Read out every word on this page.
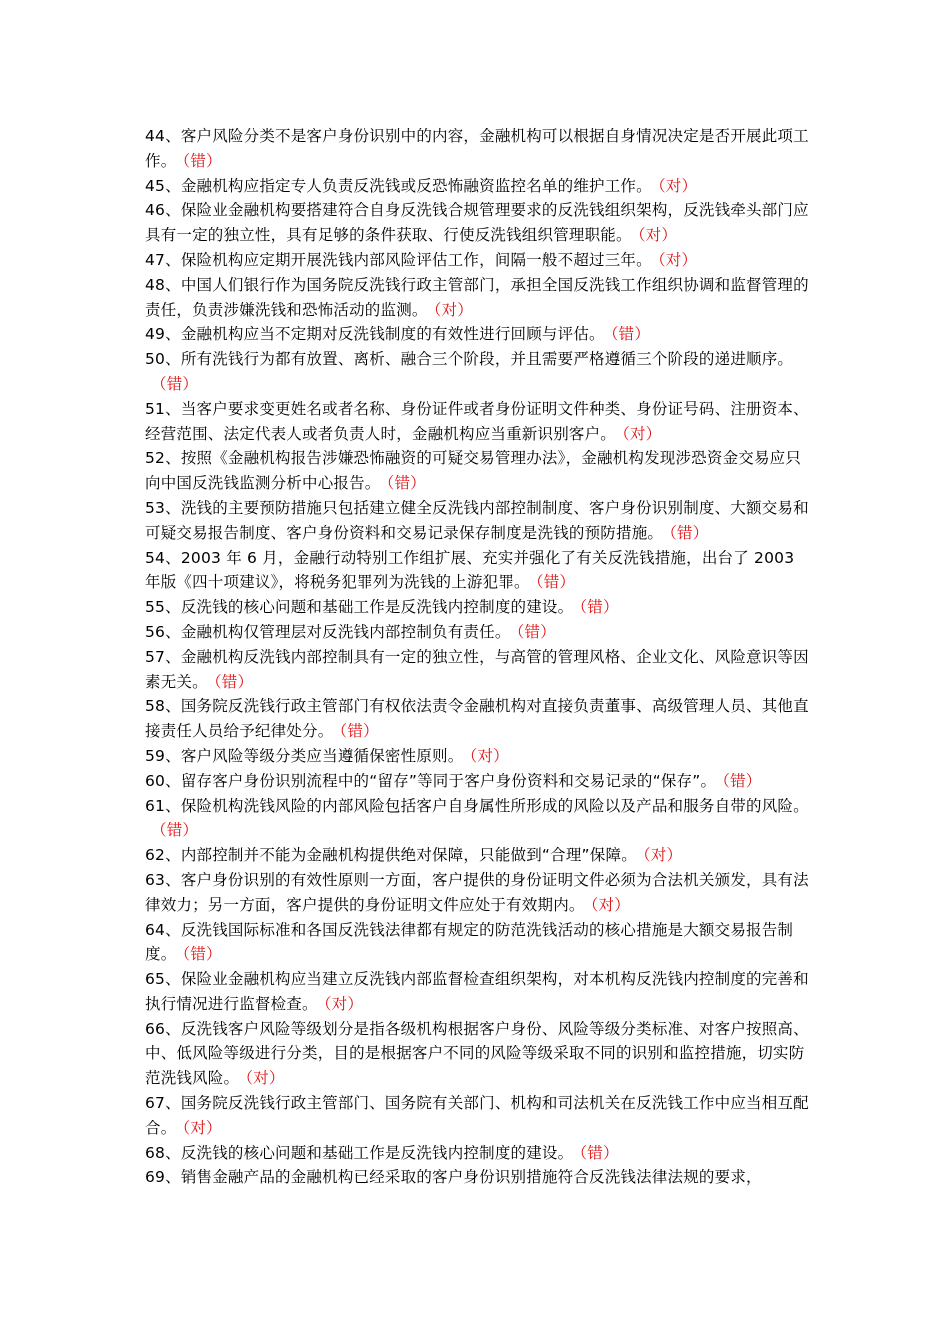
44、客户风险分类不是客户身份识别中的内容，金融机构可以根据自身情况决定是否开展此项工作。 （错）

45、金融机构应指定专人负责反洗钱或反恐怖融资监控名单的维护工作。 （对）

46、保险业金融机构要搭建符合自身反洗钱合规管理要求的反洗钱组织架构，反洗钱牵头部门应具有一定的独立性，具有足够的条件获取、行使反洗钱组织管理职能。 （对）

47、保险机构应定期开展洗钱内部风险评估工作，间隔一般不超过三年。 （对）

48、中国人们银行作为国务院反洗钱行政主管部门，承担全国反洗钱工作组织协调和监督管理的责任，负责涉嫌洗钱和恐怖活动的监测。 （对）

49、金融机构应当不定期对反洗钱制度的有效性进行回顾与评估。 （错）

50、所有洗钱行为都有放置、离析、融合三个阶段，并且需要严格遵循三个阶段的递进顺序。（错）

51、当客户要求变更姓名或者名称、身份证件或者身份证明文件种类、身份证号码、注册资本、经营范围、法定代表人或者负责人时，金融机构应当重新识别客户。 （对）

52、按照《金融机构报告涉嫌恐怖融资的可疑交易管理办法》，金融机构发现涉恐资金交易应只向中国反洗钱监测分析中心报告。 （错）

53、洗钱的主要预防措施只包括建立健全反洗钱内部控制制度、客户身份识别制度、大额交易和可疑交易报告制度、客户身份资料和交易记录保存制度是洗钱的预防措施。 （错）

54、2003 年 6 月，金融行动特别工作组扩展、充实并强化了有关反洗钱措施，出台了 2003 年版《四十项建议》，将税务犯罪列为洗钱的上游犯罪。 （错）

55、反洗钱的核心问题和基础工作是反洗钱内控制度的建设。 （错）

56、金融机构仅管理层对反洗钱内部控制负有责任。 （错）

57、金融机构反洗钱内部控制具有一定的独立性，与高管的管理风格、企业文化、风险意识等因素无关。 （错）

58、国务院反洗钱行政主管部门有权依法责令金融机构对直接负责董事、高级管理人员、其他直接责任人员给予纪律处分。 （错）

59、客户风险等级分类应当遵循保密性原则。 （对）

60、留存客户身份识别流程中的“留存”等同于客户身份资料和交易记录的“保存”。 （错）

61、保险机构洗钱风险的内部风险包括客户自身属性所形成的风险以及产品和服务自带的风险。（错）

62、内部控制并不能为金融机构提供绝对保障，只能做到“合理”保障。 （对）

63、客户身份识别的有效性原则一方面，客户提供的身份证明文件必须为合法机关颁发，具有法律效力；另一方面，客户提供的身份证明文件应处于有效期内。 （对）

64、反洗钱国际标准和各国反洗钱法律都有规定的防范洗钱活动的核心措施是大额交易报告制度。 （错）

65、保险业金融机构应当建立反洗钱内部监督检查组织架构，对本机构反洗钱内控制度的完善和执行情况进行监督检查。 （对）

66、反洗钱客户风险等级划分是指各级机构根据客户身份、风险等级分类标准、对客户按照高、中、低风险等级进行分类，目的是根据客户不同的风险等级采取不同的识别和监控措施，切实防范洗钱风险。 （对）

67、国务院反洗钱行政主管部门、国务院有关部门、机构和司法机关在反洗钱工作中应当相互配合。 （对）

68、反洗钱的核心问题和基础工作是反洗钱内控制度的建设。 （错）

69、销售金融产品的金融机构已经采取的客户身份识别措施符合反洗钱法律法规的要求，
